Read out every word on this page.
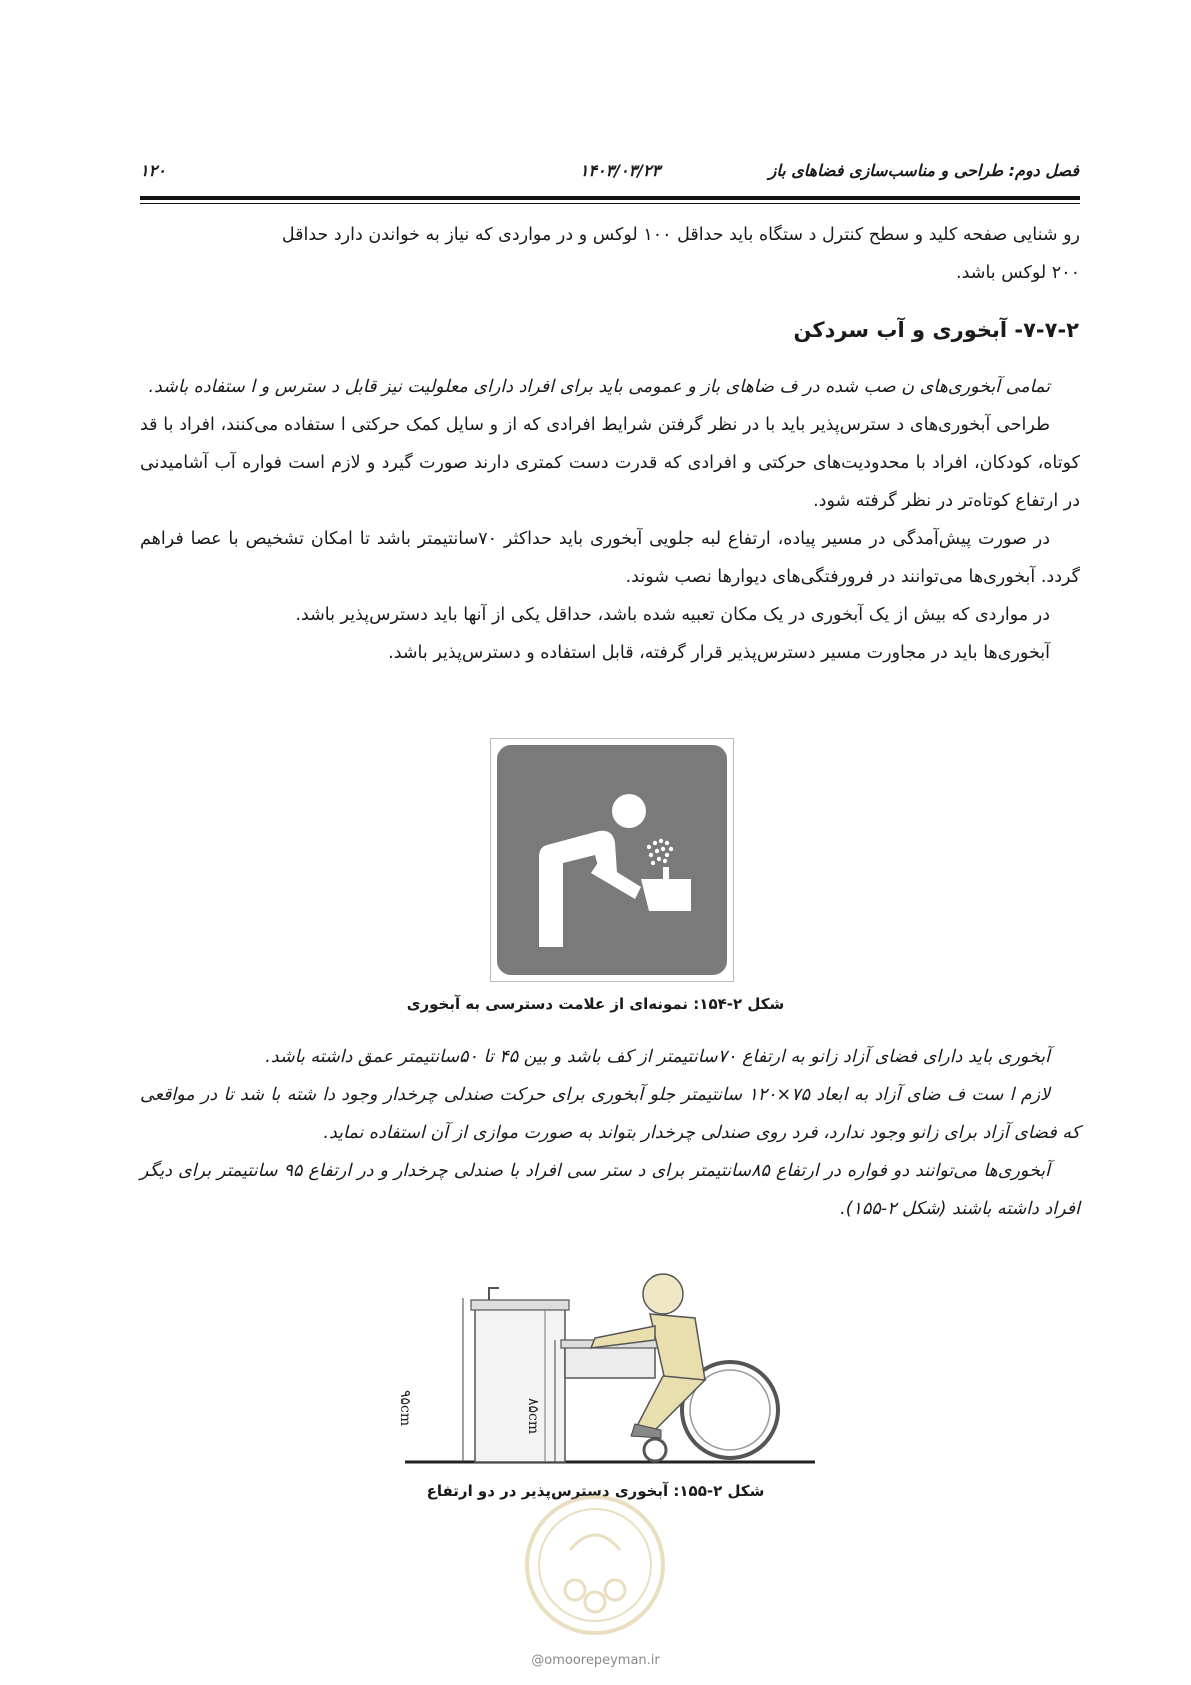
فصل دوم: طراحی و مناسب‌سازی فضاهای باز
۱۴۰۳/۰۳/۲۳
۱۲۰

رو شنایی صفحه کلید و سطح کنترل د ستگاه باید حداقل ۱۰۰ لوکس و در مواردی که نیاز به خواندن دارد حداقل

۲۰۰ لوکس باشد.

۷-۷-۲- آبخوری و آب سردکن

تمامی آبخوری‌های ن صب شده در ف ضاهای باز و عمومی باید برای افراد دارای معلولیت نیز قابل د سترس و ا ستفاده باشد.

طراحی آبخوری‌های د سترس‌پذیر باید با در نظر گرفتن شرایط افرادی که از و سایل کمک حرکتی ا ستفاده می‌کنند، افراد با قد کوتاه، کودکان، افراد با محدودیت‌های حرکتی و افرادی که قدرت دست کمتری دارند صورت گیرد و لازم است فواره آب آشامیدنی در ارتفاع کوتاه‌تر در نظر گرفته شود.

در صورت پیش‌آمدگی در مسیر پیاده، ارتفاع لبه جلویی آبخوری باید حداکثر ۷۰سانتیمتر باشد تا امکان تشخیص با عصا فراهم گردد. آبخوری‌ها می‌توانند در فرورفتگی‌های دیوارها نصب شوند.

در مواردی که بیش از یک آبخوری در یک مکان تعبیه شده باشد، حداقل یکی از آنها باید دسترس‌پذیر باشد.

آبخوری‌ها باید در مجاورت مسیر دسترس‌پذیر قرار گرفته، قابل استفاده و دسترس‌پذیر باشد.

شکل ۲-۱۵۴: نمونه‌ای از علامت دسترسی به آبخوری

آبخوری باید دارای فضای آزاد زانو به ارتفاع ۷۰سانتیمتر از کف باشد و بین ۴۵ تا ۵۰سانتیمتر عمق داشته باشد.

لازم ا ست ف ضای آزاد به ابعاد ۷۵×۱۲۰ سانتیمتر جلو آبخوری برای حرکت صندلی چرخدار وجود دا شته با شد تا در مواقعی که فضای آزاد برای زانو وجود ندارد، فرد روی صندلی چرخدار بتواند به صورت موازی از آن استفاده نماید.

آبخوری‌ها می‌توانند دو فواره در ارتفاع ۸۵سانتیمتر برای د ستر سی افراد با صندلی چرخدار و در ارتفاع ۹۵ سانتیمتر برای دیگر افراد داشته باشند (شکل ۲-۱۵۵).

۹۵cm	۸۵cm
شکل ۲-۱۵۵: آبخوری دسترس‌پذیر در دو ارتفاع
@omoorepeyman.ir
